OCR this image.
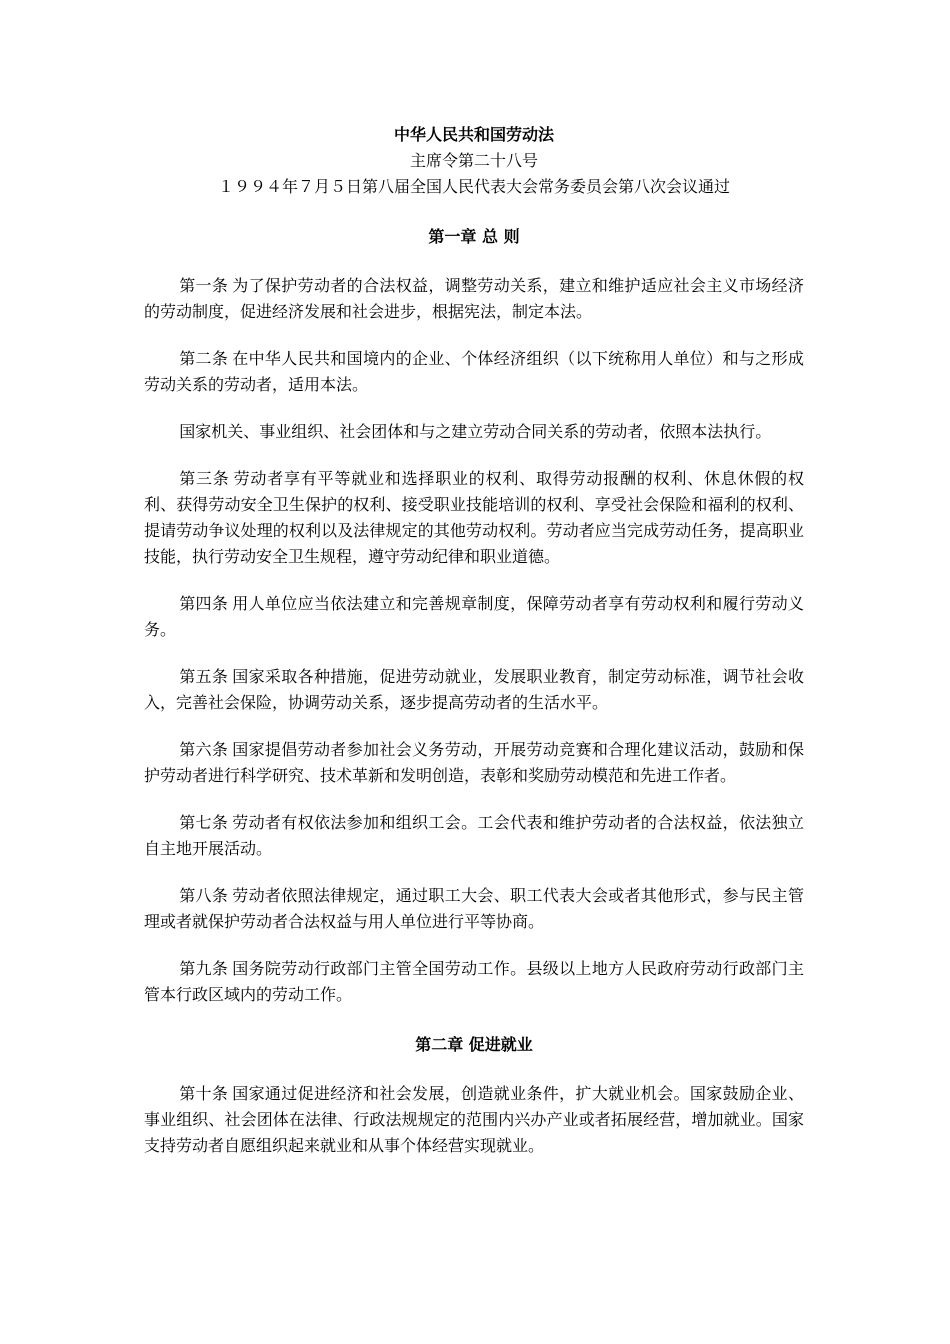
中华人民共和国劳动法

主席令第二十八号

１９９４年７月５日第八届全国人民代表大会常务委员会第八次会议通过

第一章 总 则

第一条 为了保护劳动者的合法权益，调整劳动关系，建立和维护适应社会主义市场经济的劳动制度，促进经济发展和社会进步，根据宪法，制定本法。

第二条 在中华人民共和国境内的企业、个体经济组织（以下统称用人单位）和与之形成劳动关系的劳动者，适用本法。

国家机关、事业组织、社会团体和与之建立劳动合同关系的劳动者，依照本法执行。

第三条 劳动者享有平等就业和选择职业的权利、取得劳动报酬的权利、休息休假的权利、获得劳动安全卫生保护的权利、接受职业技能培训的权利、享受社会保险和福利的权利、提请劳动争议处理的权利以及法律规定的其他劳动权利。劳动者应当完成劳动任务，提高职业技能，执行劳动安全卫生规程，遵守劳动纪律和职业道德。

第四条 用人单位应当依法建立和完善规章制度，保障劳动者享有劳动权利和履行劳动义务。

第五条 国家采取各种措施，促进劳动就业，发展职业教育，制定劳动标准，调节社会收入，完善社会保险，协调劳动关系，逐步提高劳动者的生活水平。

第六条 国家提倡劳动者参加社会义务劳动，开展劳动竞赛和合理化建议活动，鼓励和保护劳动者进行科学研究、技术革新和发明创造，表彰和奖励劳动模范和先进工作者。

第七条 劳动者有权依法参加和组织工会。工会代表和维护劳动者的合法权益，依法独立自主地开展活动。

第八条 劳动者依照法律规定，通过职工大会、职工代表大会或者其他形式，参与民主管理或者就保护劳动者合法权益与用人单位进行平等协商。

第九条 国务院劳动行政部门主管全国劳动工作。县级以上地方人民政府劳动行政部门主管本行政区域内的劳动工作。

第二章 促进就业

第十条 国家通过促进经济和社会发展，创造就业条件，扩大就业机会。国家鼓励企业、事业组织、社会团体在法律、行政法规规定的范围内兴办产业或者拓展经营，增加就业。国家支持劳动者自愿组织起来就业和从事个体经营实现就业。
